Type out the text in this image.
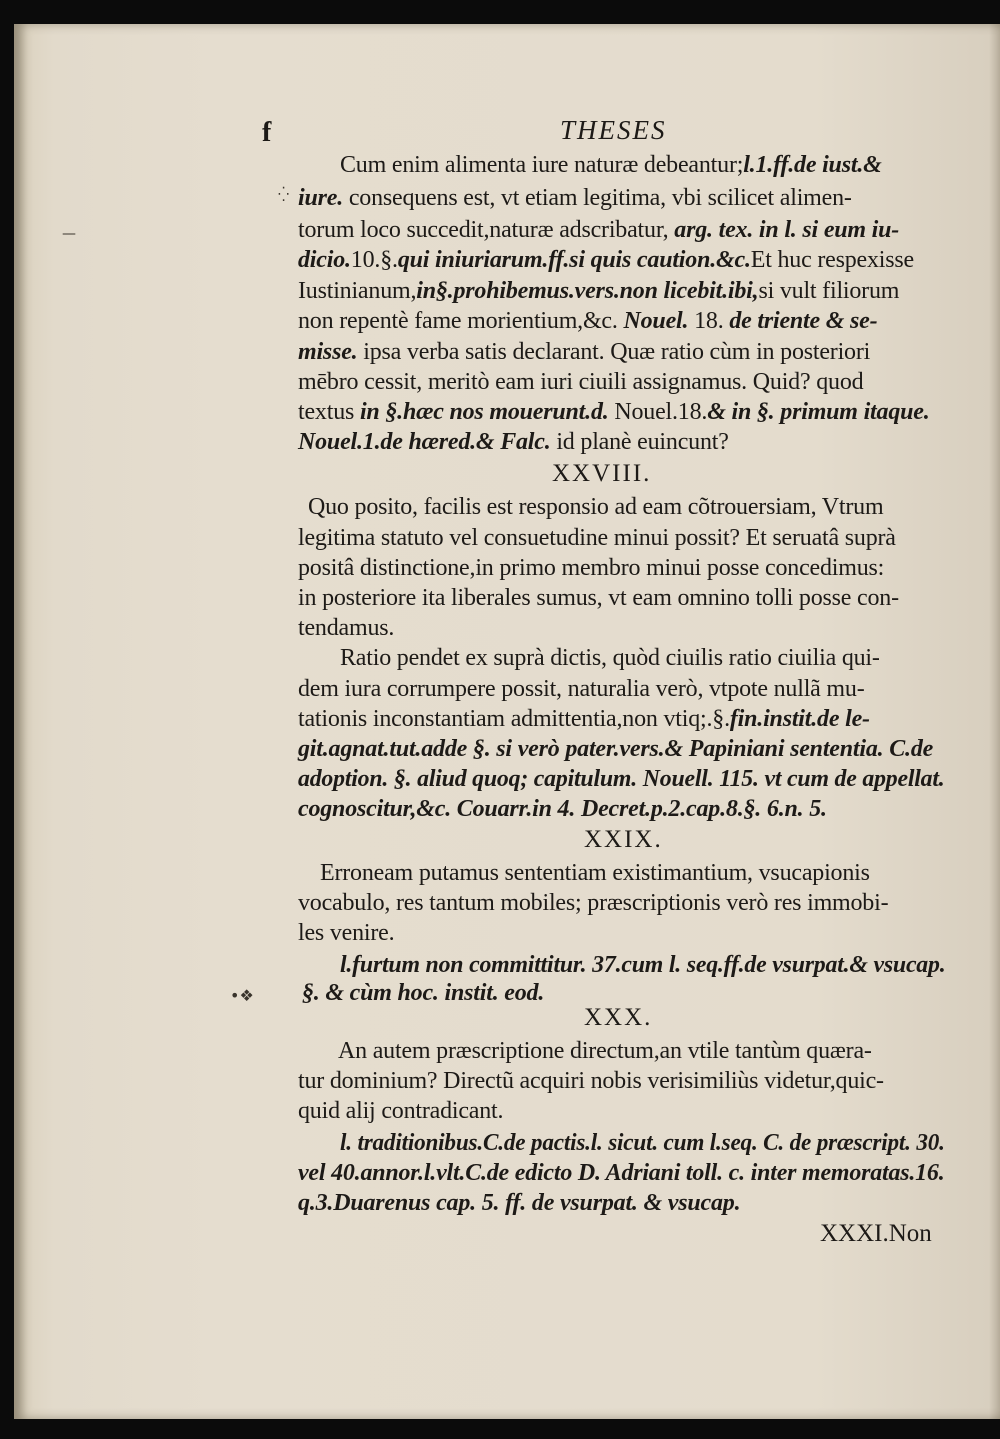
f	THESES
⁛
—
•❖
Cum enim alimenta iure naturæ debeantur;l.1.ff.de iust.&
iure. consequens est, vt etiam legitima, vbi scilicet alimen-
torum loco succedit,naturæ adscribatur, arg. tex. in l. si eum iu-
dicio.10.§.qui iniuriarum.ff.si quis caution.&c.Et huc respexisse
Iustinianum,in§.prohibemus.vers.non licebit.ibi,si vult filiorum
non repentè fame morientium,&c. Nouel. 18. de triente & se-
misse. ipsa verba satis declarant. Quæ ratio cùm in posteriori
mēbro cessit, meritò eam iuri ciuili assignamus. Quid? quod
textus in §.hæc nos mouerunt.d. Nouel.18.& in §. primum itaque.
Nouel.1.de hæred.& Falc. id planè euincunt?
XXVIII.
Quo posito, facilis est responsio ad eam cõtrouersiam, Vtrum
legitima statuto vel consuetudine minui possit? Et seruatâ suprà
positâ distinctione,in primo membro minui posse concedimus:
in posteriore ita liberales sumus, vt eam omnino tolli posse con-
tendamus.
Ratio pendet ex suprà dictis, quòd ciuilis ratio ciuilia qui-
dem iura corrumpere possit, naturalia verò, vtpote nullã mu-
tationis inconstantiam admittentia,non vtiq;.§.fin.instit.de le-
git.agnat.tut.adde §. si verò pater.vers.& Papiniani sententia. C.de
adoption. §. aliud quoq; capitulum. Nouell. 115. vt cum de appellat.
cognoscitur,&c. Couarr.in 4. Decret.p.2.cap.8.§. 6.n. 5.
XXIX.
Erroneam putamus sententiam existimantium, vsucapionis
vocabulo, res tantum mobiles; præscriptionis verò res immobi-
les venire.
l.furtum non committitur. 37.cum l. seq.ff.de vsurpat.& vsucap.
§. & cùm hoc. instit. eod.
XXX.
An autem præscriptione directum,an vtile tantùm quæra-
tur dominium? Directũ acquiri nobis verisimiliùs videtur,quic-
quid alij contradicant.
l. traditionibus.C.de pactis.l. sicut. cum l.seq. C. de præscript. 30.
vel 40.annor.l.vlt.C.de edicto D. Adriani toll. c. inter memoratas.16.
q.3.Duarenus cap. 5. ff. de vsurpat. & vsucap.
XXXI.Non
